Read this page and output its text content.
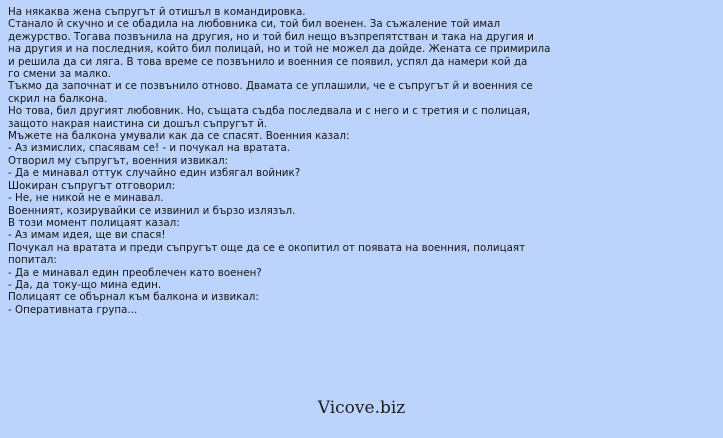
На някаква жена съпругът й отишъл в командировка.
Станало й скучно и се обадила на любовника си, той бил военен. За съжаление той имал
дежурство. Тогава позвънила на другия, но и той бил нещо възпрепятстван и така на другия и
на другия и на последния, който бил полицай, но и той не можел да дойде. Жената се примирила
и решила да си ляга. В това време се позвънило и военния се появил, успял да намери кой да
го смени за малко.
Тъкмо да започнат и се позвънило отново. Двамата се уплашили, че е съпругът й и военния се
скрил на балкона.
Но това, бил другият любовник. Но, същата съдба последвала и с него и с третия и с полицая,
защото накрая наистина си дошъл съпругът й.
Мъжете на балкона умували как да се спасят. Военния казал:
- Аз измислих, спасявам се! - и почукал на вратата.
Отворил му съпругът, военния извикал:
- Да е минавал оттук случайно един избягал войник?
Шокиран съпругът отговорил:
- Не, не никой не е минавал.
Военният, козирувайки се извинил и бързо излязъл.
В този момент полицаят казал:
- Аз имам идея, ще ви спася!
Почукал на вратата и преди съпругът още да се е окопитил от появата на военния, полицаят
попитал:
- Да е минавал един преоблечен като военен?
- Да, да току-що мина един.
Полицаят се обърнал към балкона и извикал:
- Оперативната група...
Vicove.biz
